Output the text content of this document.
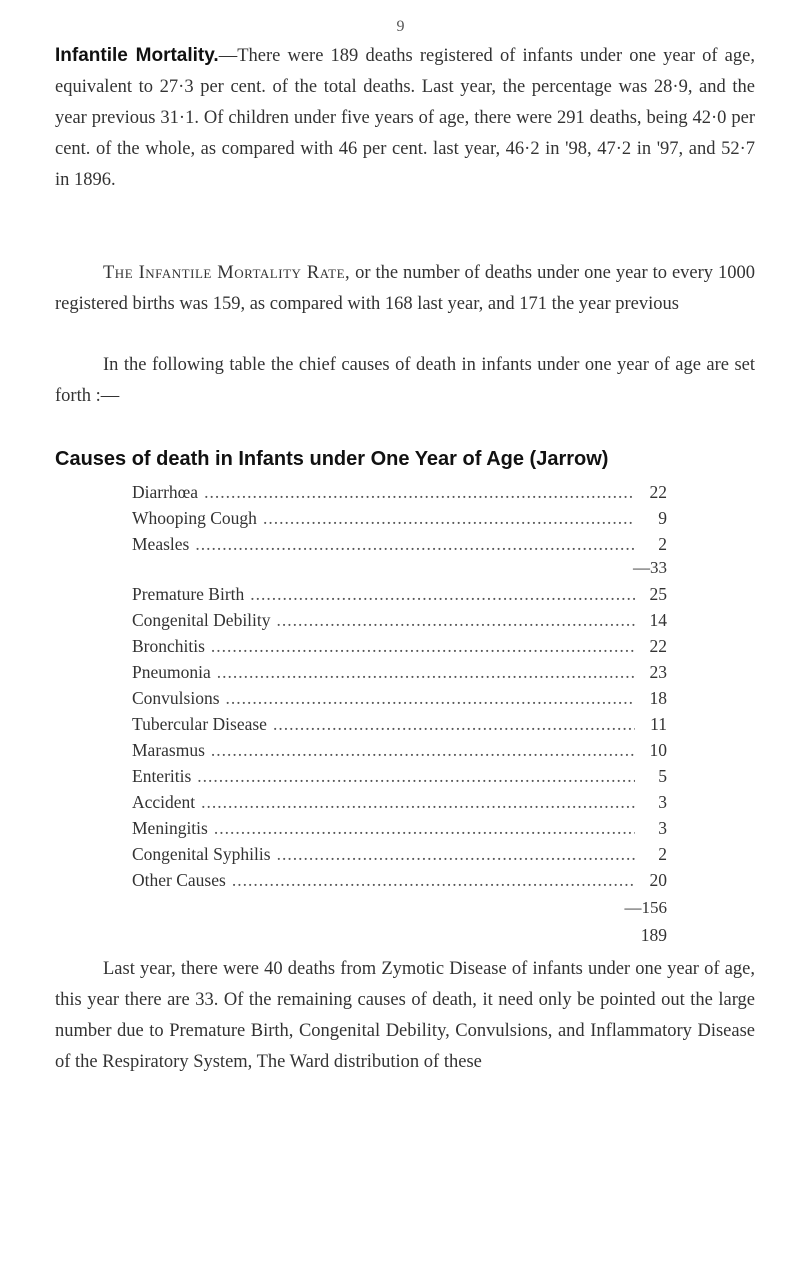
9

Infantile Mortality.—There were 189 deaths registered of infants under one year of age, equivalent to 27·3 per cent. of the total deaths. Last year, the percentage was 28·9, and the year previous 31·1. Of children under five years of age, there were 291 deaths, being 42·0 per cent. of the whole, as compared with 46 per cent. last year, 46·2 in '98, 47·2 in '97, and 52·7 in 1896.

The Infantile Mortality Rate, or the number of deaths under one year to every 1000 registered births was 159, as compared with 168 last year, and 171 the year previous

In the following table the chief causes of death in infants under one year of age are set forth :—

Causes of death in Infants under One Year of Age (Jarrow)
Diarrhœa .....	22
Whooping Cough .....	9
Measles .....	2
—33
Premature Birth .....	25
Congenital Debility .....	14
Bronchitis .....	22
Pneumonia .....	23
Convulsions .....	18
Tubercular Disease .....	11
Marasmus .....	10
Enteritis .....	5
Accident .....	3
Meningitis .....	3
Congenital Syphilis .....	2
Other Causes .....	20
—156
189

Last year, there were 40 deaths from Zymotic Disease of infants under one year of age, this year there are 33. Of the remaining causes of death, it need only be pointed out the large number due to Premature Birth, Congenital Debility, Convulsions, and Inflammatory Disease of the Respiratory System, The Ward distribution of these
